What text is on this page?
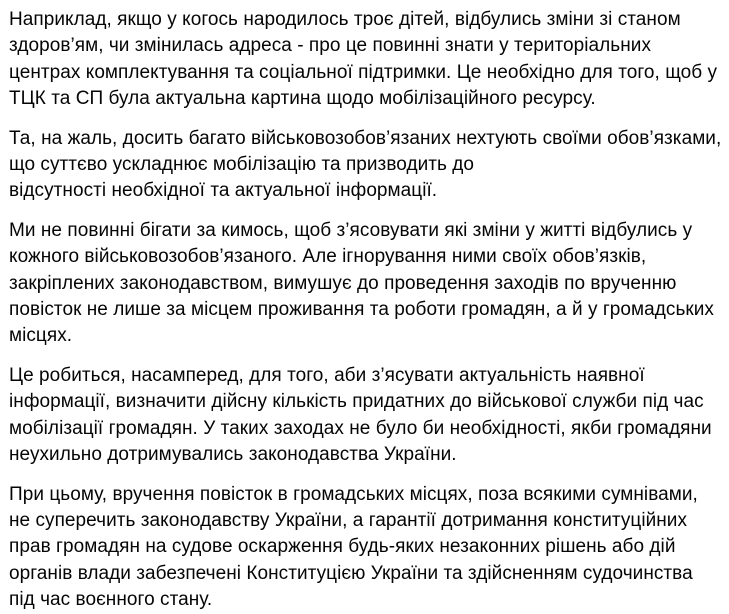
Наприклад, якщо у когось народилось троє дітей, відбулись зміни зі станом
здоров’ям, чи змінилась адреса - про це повинні знати у територіальних
центрах комплектування та соціальної підтримки. Це необхідно для того, щоб у
ТЦК та СП була актуальна картина щодо мобілізаційного ресурсу.

Та, на жаль, досить багато військовозобов’язаних нехтують своїми обов’язками,
що суттєво ускладнює мобілізацію та призводить до
відсутності необхідної та актуальної інформації.

Ми не повинні бігати за кимось, щоб з’ясовувати які зміни у житті відбулись у
кожного військовозобов’язаного. Але ігнорування ними своїх обов’язків,
закріплених законодавством, вимушує до проведення заходів по врученню
повісток не лише за місцем проживання та роботи громадян, а й у громадських
місцях.

Це робиться, насамперед, для того, аби з’ясувати актуальність наявної
інформації, визначити дійсну кількість придатних до військової служби під час
мобілізації громадян. У таких заходах не було би необхідності, якби громадяни
неухильно дотримувались законодавства України.

При цьому, вручення повісток в громадських місцях, поза всякими сумнівами,
не суперечить законодавству України, а гарантії дотримання конституційних
прав громадян на судове оскарження будь-яких незаконних рішень або дій
органів влади забезпечені Конституцією України та здійсненням судочинства
під час воєнного стану.
